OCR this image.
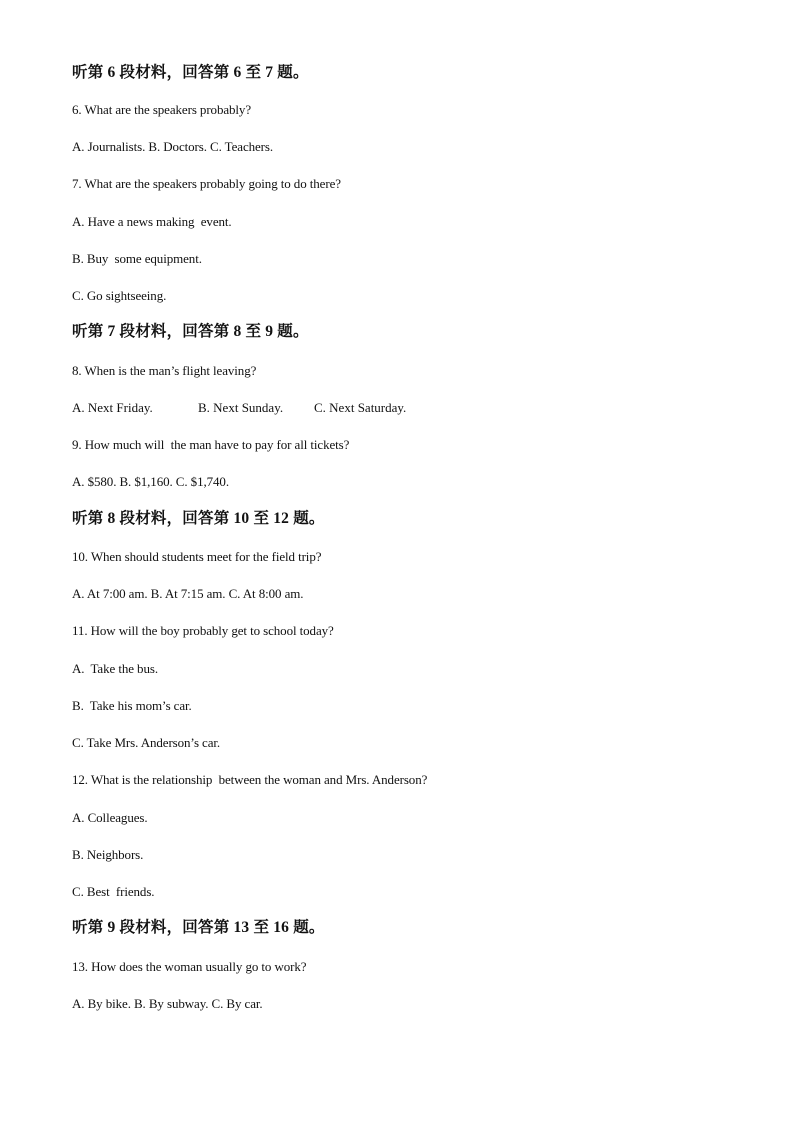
听第 6 段材料，回答第 6 至 7 题。
6. What are the speakers probably?
A. Journalists. B. Doctors. C. Teachers.
7. What are the speakers probably going to do there?
A. Have a news making  event.
B. Buy  some equipment.
C. Go sightseeing.
听第 7 段材料，回答第 8 至 9 题。
8. When is the man’s flight leaving?
A. Next Friday.	B. Next Sunday. C. Next Saturday.
9. How much will  the man have to pay for all tickets?
A. $580. B. $1,160. C. $1,740.
听第 8 段材料，回答第 10 至 12 题。
10. When should students meet for the field trip?
A. At 7:00 am. B. At 7:15 am. C. At 8:00 am.
11. How will the boy probably get to school today?
A.  Take the bus.
B.  Take his mom’s car.
C. Take Mrs. Anderson’s car.
12. What is the relationship  between the woman and Mrs. Anderson?
A. Colleagues.
B. Neighbors.
C. Best  friends.
听第 9 段材料，回答第 13 至 16 题。
13. How does the woman usually go to work?
A. By bike. B. By subway. C. By car.
